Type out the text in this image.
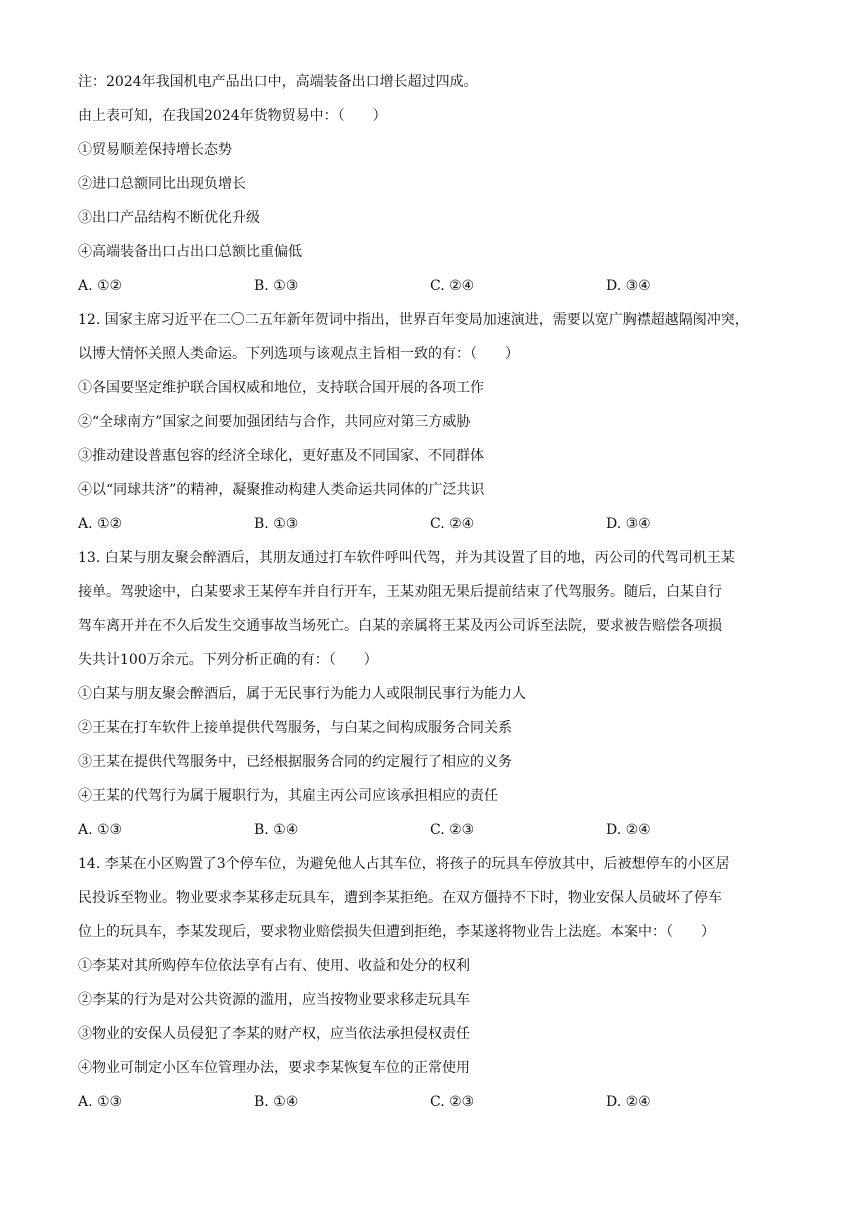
注：2024年我国机电产品出口中，高端装备出口增长超过四成。
由上表可知，在我国2024年货物贸易中：（　　）
①贸易顺差保持增长态势
②进口总额同比出现负增长
③出口产品结构不断优化升级
④高端装备出口占出口总额比重偏低
A. ①②	B. ①③	C. ②④	D. ③④
12. 国家主席习近平在二〇二五年新年贺词中指出，世界百年变局加速演进，需要以宽广胸襟超越隔阂冲突，
以博大情怀关照人类命运。下列选项与该观点主旨相一致的有：（　　）
①各国要坚定维护联合国权威和地位，支持联合国开展的各项工作
②“全球南方”国家之间要加强团结与合作，共同应对第三方威胁
③推动建设普惠包容的经济全球化，更好惠及不同国家、不同群体
④以“同球共济”的精神，凝聚推动构建人类命运共同体的广泛共识
A. ①②	B. ①③	C. ②④	D. ③④
13. 白某与朋友聚会醉酒后，其朋友通过打车软件呼叫代驾，并为其设置了目的地，丙公司的代驾司机王某
接单。驾驶途中，白某要求王某停车并自行开车，王某劝阻无果后提前结束了代驾服务。随后，白某自行
驾车离开并在不久后发生交通事故当场死亡。白某的亲属将王某及丙公司诉至法院，要求被告赔偿各项损
失共计100万余元。下列分析正确的有：（　　）
①白某与朋友聚会醉酒后，属于无民事行为能力人或限制民事行为能力人
②王某在打车软件上接单提供代驾服务，与白某之间构成服务合同关系
③王某在提供代驾服务中，已经根据服务合同的约定履行了相应的义务
④王某的代驾行为属于履职行为，其雇主丙公司应该承担相应的责任
A. ①③	B. ①④	C. ②③	D. ②④
14. 李某在小区购置了3个停车位，为避免他人占其车位，将孩子的玩具车停放其中，后被想停车的小区居
民投诉至物业。物业要求李某移走玩具车，遭到李某拒绝。在双方僵持不下时，物业安保人员破坏了停车
位上的玩具车，李某发现后，要求物业赔偿损失但遭到拒绝，李某遂将物业告上法庭。本案中：（　　）
①李某对其所购停车位依法享有占有、使用、收益和处分的权利
②李某的行为是对公共资源的滥用，应当按物业要求移走玩具车
③物业的安保人员侵犯了李某的财产权，应当依法承担侵权责任
④物业可制定小区车位管理办法，要求李某恢复车位的正常使用
A. ①③	B. ①④	C. ②③	D. ②④
